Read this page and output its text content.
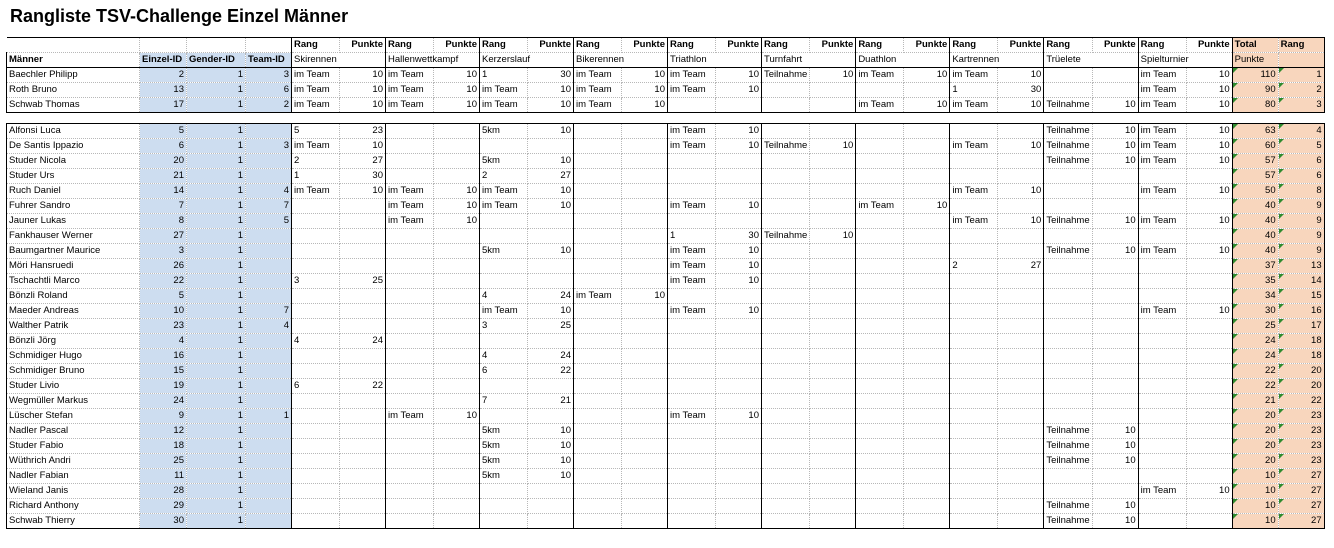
Rangliste TSV-Challenge Einzel Männer
				Rang	Punkte	Rang	Punkte	Rang	Punkte	Rang	Punkte	Rang	Punkte	Rang	Punkte	Rang	Punkte	Rang	Punkte	Rang	Punkte	Rang	Punkte	Total	Rang
Männer	Einzel-ID	Gender-ID	Team-ID	Skirennen		Hallenwettkampf		Kerzerslauf		Bikerennen		Triathlon		Turnfahrt		Duathlon		Kartrennen		Trüelete		Spielturnier		Punkte	
Baechler Philipp	2	1	3	im Team	10	im Team	10	1	30	im Team	10	im Team	10	Teilnahme	10	im Team	10	im Team	10			im Team	10	110	1
Roth Bruno	13	1	6	im Team	10	im Team	10	im Team	10	im Team	10	im Team	10					1	30			im Team	10	90	2
Schwab Thomas	17	1	2	im Team	10	im Team	10	im Team	10	im Team	10					im Team	10	im Team	10	Teilnahme	10	im Team	10	80	3

Alfonsi Luca	5	1		5	23			5km	10			im Team	10							Teilnahme	10	im Team	10	63	4
De Santis Ippazio	6	1	3	im Team	10							im Team	10	Teilnahme	10			im Team	10	Teilnahme	10	im Team	10	60	5
Studer Nicola	20	1		2	27			5km	10											Teilnahme	10	im Team	10	57	6
Studer Urs	21	1		1	30			2	27															57	6
Ruch Daniel	14	1	4	im Team	10	im Team	10	im Team	10									im Team	10			im Team	10	50	8
Fuhrer Sandro	7	1	7			im Team	10	im Team	10			im Team	10			im Team	10							40	9
Jauner Lukas	8	1	5			im Team	10											im Team	10	Teilnahme	10	im Team	10	40	9
Fankhauser Werner	27	1										1	30	Teilnahme	10									40	9
Baumgartner Maurice	3	1						5km	10			im Team	10							Teilnahme	10	im Team	10	40	9
Möri Hansruedi	26	1										im Team	10					2	27					37	13
Tschachtli Marco	22	1		3	25							im Team	10											35	14
Bönzli Roland	5	1						4	24	im Team	10													34	15
Maeder Andreas	10	1	7					im Team	10			im Team	10									im Team	10	30	16
Walther Patrik	23	1	4					3	25															25	17
Bönzli Jörg	4	1		4	24																			24	18
Schmidiger Hugo	16	1						4	24															24	18
Schmidiger Bruno	15	1						6	22															22	20
Studer Livio	19	1		6	22																			22	20
Wegmüller Markus	24	1						7	21															21	22
Lüscher Stefan	9	1	1			im Team	10					im Team	10											20	23
Nadler Pascal	12	1						5km	10											Teilnahme	10			20	23
Studer Fabio	18	1						5km	10											Teilnahme	10			20	23
Wüthrich Andri	25	1						5km	10											Teilnahme	10			20	23
Nadler Fabian	11	1						5km	10															10	27
Wieland Janis	28	1																				im Team	10	10	27
Richard Anthony	29	1																		Teilnahme	10			10	27
Schwab Thierry	30	1																		Teilnahme	10			10	27
